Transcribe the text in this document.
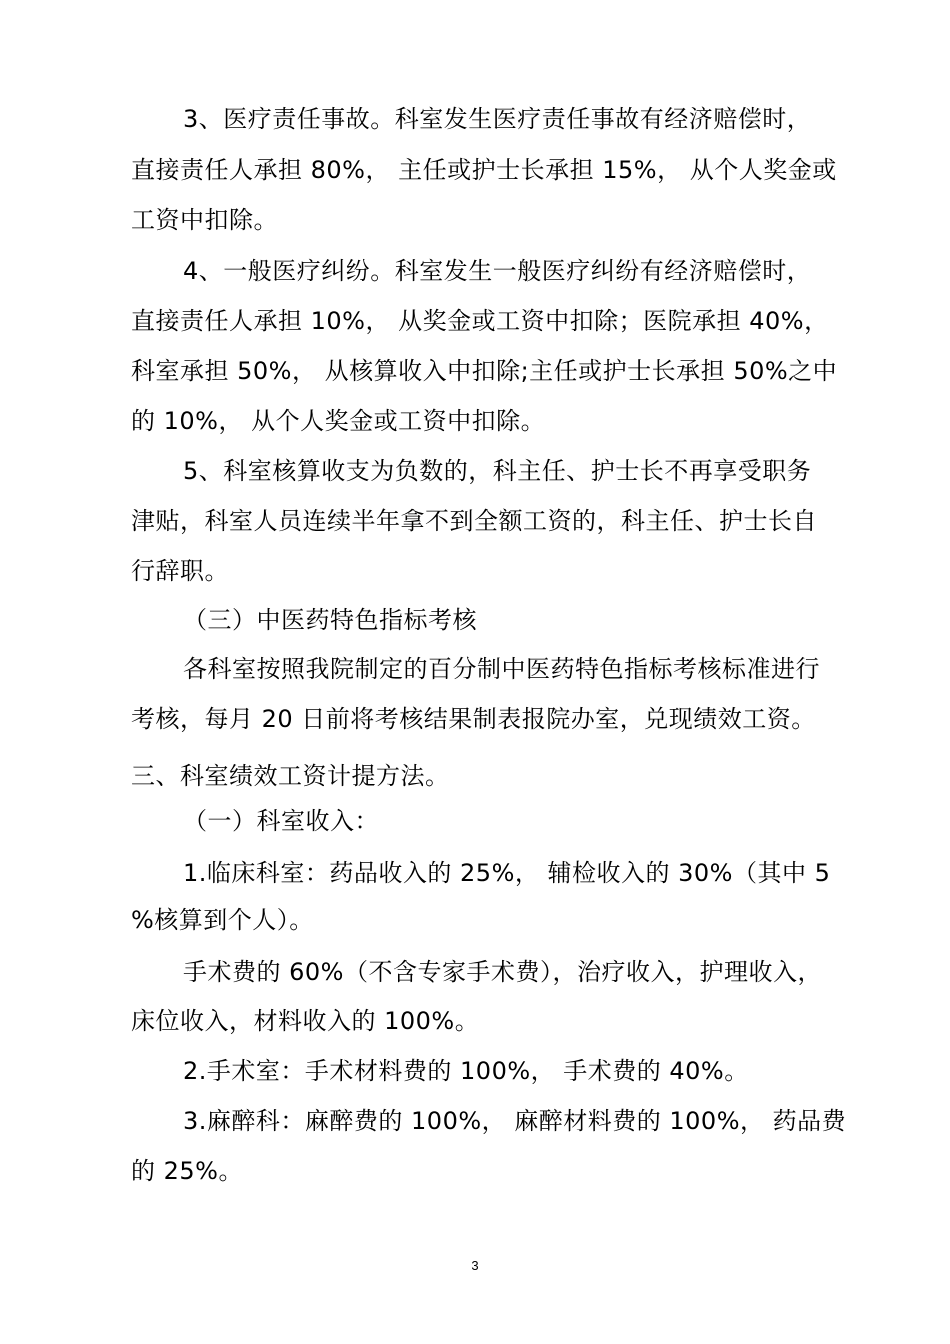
3、医疗责任事故。科室发生医疗责任事故有经济赔偿时，
直接责任人承担 80%， 主任或护士长承担 15%， 从个人奖金或
工资中扣除。
4、一般医疗纠纷。科室发生一般医疗纠纷有经济赔偿时，
直接责任人承担 10%， 从奖金或工资中扣除；医院承担 40%，
科室承担 50%， 从核算收入中扣除;主任或护士长承担 50%之中
的 10%， 从个人奖金或工资中扣除。
5、科室核算收支为负数的，科主任、护士长不再享受职务
津贴，科室人员连续半年拿不到全额工资的，科主任、护士长自
行辞职。
（三）中医药特色指标考核
各科室按照我院制定的百分制中医药特色指标考核标准进行
考核，每月 20 日前将考核结果制表报院办室，兑现绩效工资。
三、科室绩效工资计提方法。
（一）科室收入：
1.临床科室：药品收入的 25%， 辅检收入的 30%（其中 5
%核算到个人）。
手术费的 60%（不含专家手术费），治疗收入，护理收入，
床位收入，材料收入的 100%。
2.手术室：手术材料费的 100%， 手术费的 40%。
3.麻醉科：麻醉费的 100%， 麻醉材料费的 100%， 药品费
的 25%。
3
